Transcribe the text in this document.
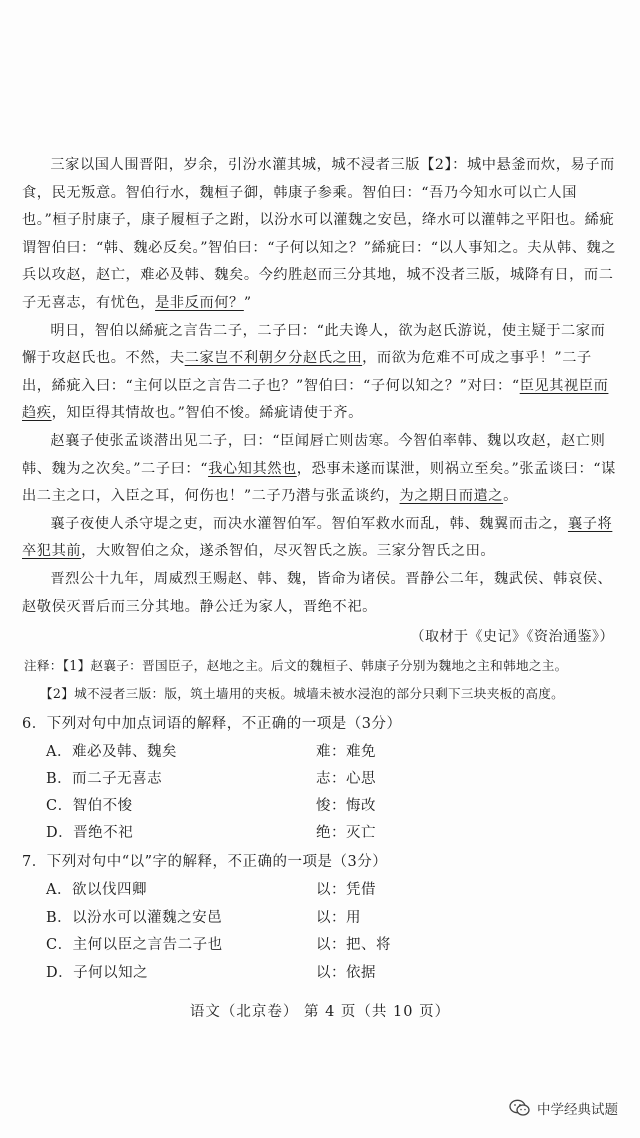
三家以国人围晋阳，岁余，引汾水灌其城，城不浸者三版【2】：城中悬釜而炊，易子而食，民无叛意。智伯行水，魏桓子御，韩康子参乘。智伯曰：“吾乃今知水可以亡人国也。”桓子肘康子，康子履桓子之跗，以汾水可以灌魏之安邑，绛水可以灌韩之平阳也。絺疵谓智伯曰：“韩、魏必反矣。”智伯曰：“子何以知之？”絺疵曰：“以人事知之。夫从韩、魏之兵以攻赵，赵亡，难必及韩、魏矣。今约胜赵而三分其地，城不没者三版，城降有日，而二子无喜志，有忧色，是非反而何？”

明日，智伯以絺疵之言告二子，二子曰：“此夫谗人，欲为赵氏游说，使主疑于二家而懈于攻赵氏也。不然，夫二家岂不利朝夕分赵氏之田，而欲为危难不可成之事乎！”二子出，絺疵入曰：“主何以臣之言告二子也？”智伯曰：“子何以知之？”对曰：“臣见其视臣而趋疾，知臣得其情故也。”智伯不悛。絺疵请使于齐。

赵襄子使张孟谈潜出见二子，曰：“臣闻唇亡则齿寒。今智伯率韩、魏以攻赵，赵亡则韩、魏为之次矣。”二子曰：“我心知其然也，恐事未遂而谋泄，则祸立至矣。”张孟谈曰：“谋出二主之口，入臣之耳，何伤也！”二子乃潜与张孟谈约，为之期日而遣之。

襄子夜使人杀守堤之吏，而决水灌智伯军。智伯军救水而乱，韩、魏翼而击之，襄子将卒犯其前，大败智伯之众，遂杀智伯，尽灭智氏之族。三家分智氏之田。

晋烈公十九年，周威烈王赐赵、韩、魏，皆命为诸侯。晋静公二年，魏武侯、韩哀侯、赵敬侯灭晋后而三分其地。静公迁为家人，晋绝不祀。

（取材于《史记》《资治通鉴》）
注释：【1】赵襄子：晋国臣子，赵地之主。后文的魏桓子、韩康子分别为魏地之主和韩地之主。
【2】城不浸者三版：版，筑土墙用的夹板。城墙未被水浸泡的部分只剩下三块夹板的高度。
6．下列对句中加点词语的解释，不正确的一项是（3分）
A．难必及韩、魏矣	难：难免
B．而二子无喜志	志：心思
C．智伯不悛	悛：悔改
D．晋绝不祀	绝：灭亡
7．下列对句中“以”字的解释，不正确的一项是（3分）
A．欲以伐四卿	以：凭借
B．以汾水可以灌魏之安邑	以：用
C．主何以臣之言告二子也	以：把、将
D．子何以知之	以：依据
语文（北京卷） 第 4 页（共 10 页）
中学经典试题
